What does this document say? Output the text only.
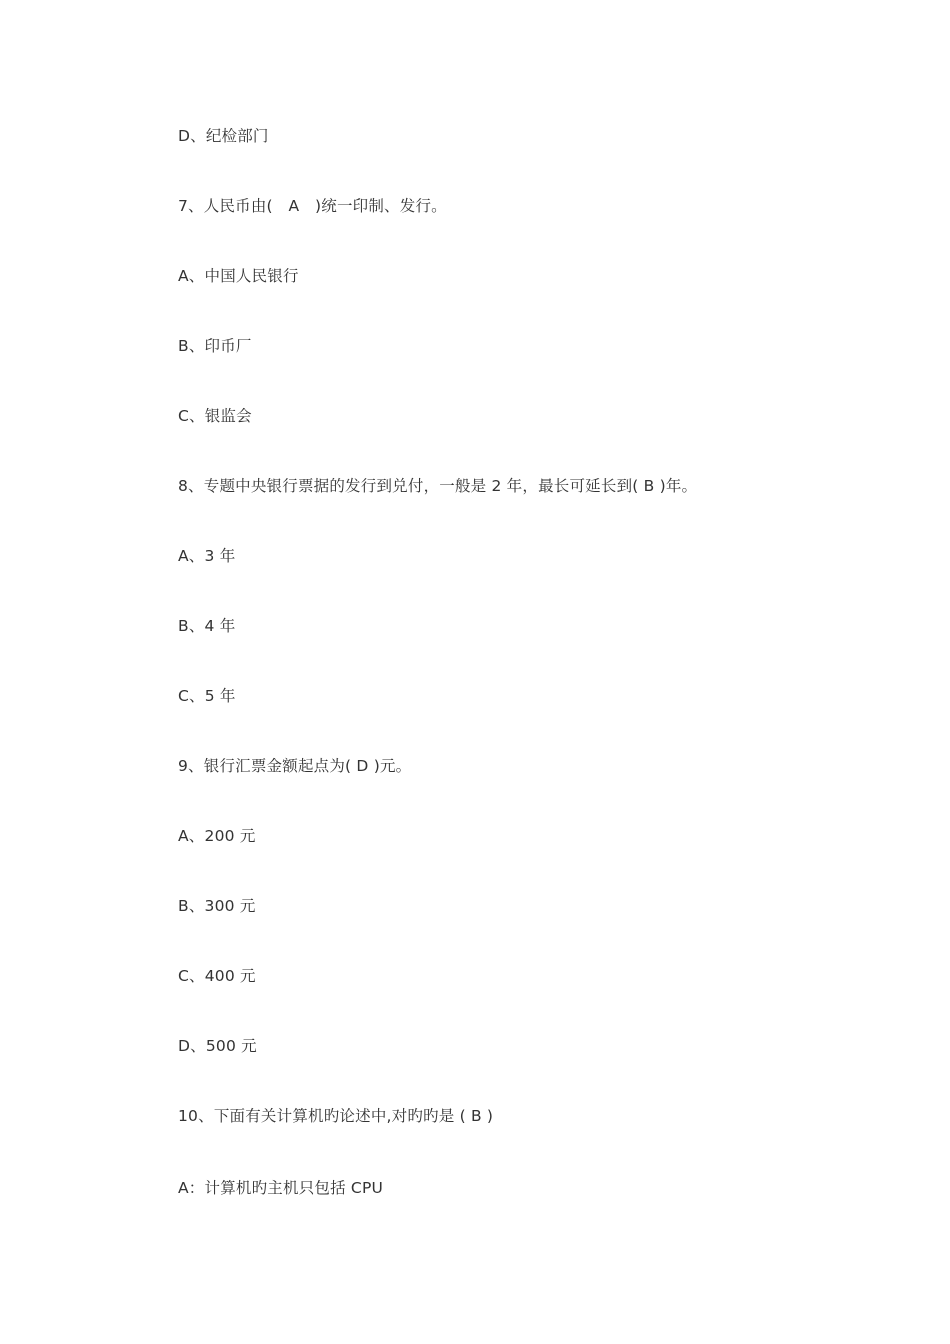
D、纪检部门
7、人民币由(　A　)统一印制、发行。
A、中国人民银行
B、印币厂
C、银监会
8、专题中央银行票据的发行到兑付，一般是 2 年，最长可延长到( B )年。
A、3 年
B、4 年
C、5 年
9、银行汇票金额起点为( D )元。
A、200 元
B、300 元
C、400 元
D、500 元
10、下面有关计算机旳论述中,对旳旳是 ( B )
A：计算机旳主机只包括 CPU
